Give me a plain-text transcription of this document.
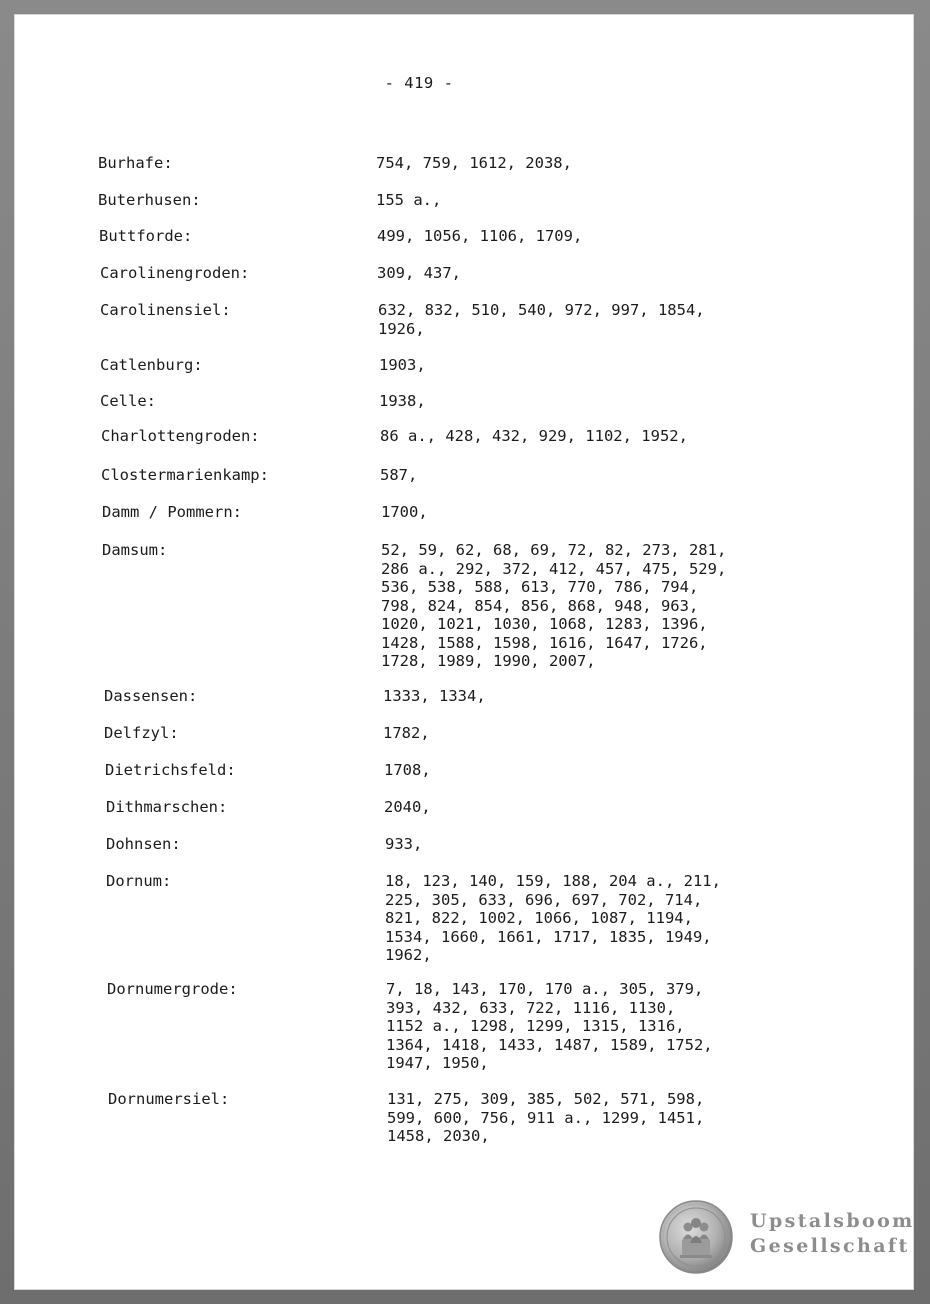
- 419 -
Burhafe:	754, 759, 1612, 2038,
Buterhusen:	155 a.,
Buttforde:	499, 1056, 1106, 1709,
Carolinengroden:	309, 437,
Carolinensiel:	632, 832, 510, 540, 972, 997, 1854,
1926,
Catlenburg:	1903,
Celle:	1938,
Charlottengroden:	86 a., 428, 432, 929, 1102, 1952,
Clostermarienkamp:	587,
Damm / Pommern:	1700,
Damsum:	52, 59, 62, 68, 69, 72, 82, 273, 281,
286 a., 292, 372, 412, 457, 475, 529,
536, 538, 588, 613, 770, 786, 794,
798, 824, 854, 856, 868, 948, 963,
1020, 1021, 1030, 1068, 1283, 1396,
1428, 1588, 1598, 1616, 1647, 1726,
1728, 1989, 1990, 2007,
Dassensen:	1333, 1334,
Delfzyl:	1782,
Dietrichsfeld:	1708,
Dithmarschen:	2040,
Dohnsen:	933,
Dornum:	18, 123, 140, 159, 188, 204 a., 211,
225, 305, 633, 696, 697, 702, 714,
821, 822, 1002, 1066, 1087, 1194,
1534, 1660, 1661, 1717, 1835, 1949,
1962,
Dornumergrode:	7, 18, 143, 170, 170 a., 305, 379,
393, 432, 633, 722, 1116, 1130,
1152 a., 1298, 1299, 1315, 1316,
1364, 1418, 1433, 1487, 1589, 1752,
1947, 1950,
Dornumersiel:	131, 275, 309, 385, 502, 571, 598,
599, 600, 756, 911 a., 1299, 1451,
1458, 2030,
Upstalsboom
Gesellschaft
